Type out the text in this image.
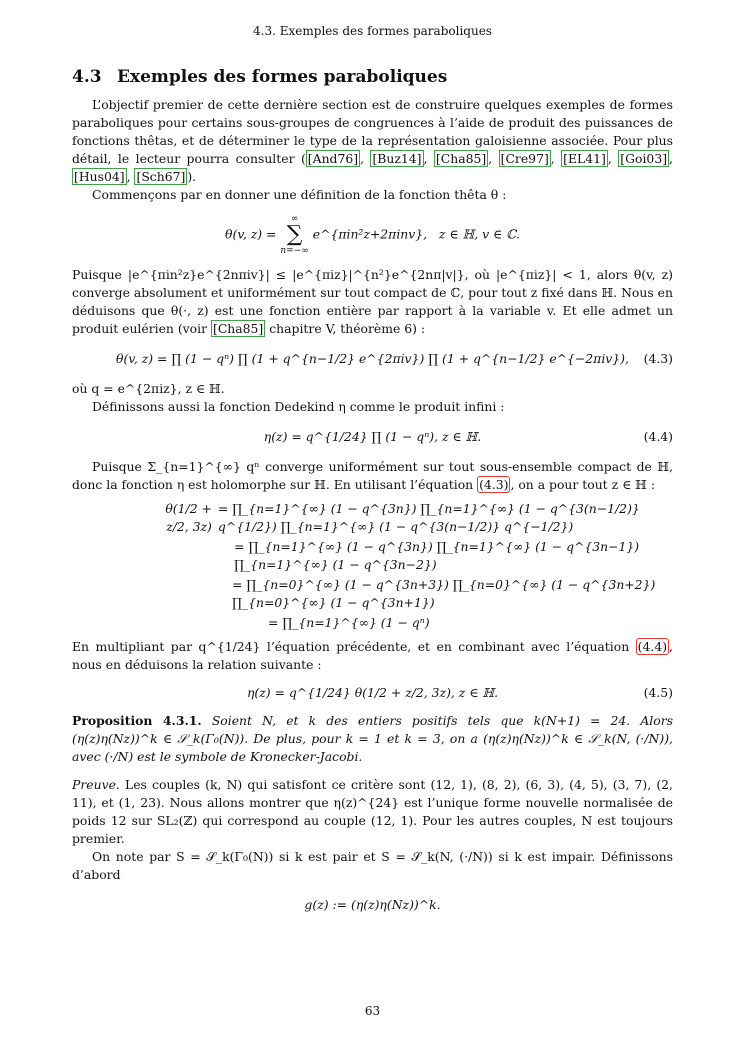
4.3. Exemples des formes paraboliques
4.3 Exemples des formes paraboliques

L’objectif premier de cette dernière section est de construire quelques exemples de formes paraboliques pour certains sous-groupes de congruences à l’aide de produit des puissances de fonctions thêtas, et de déterminer le type de la représentation galoisienne associée. Pour plus détail, le lecteur pourra consulter ( [And76] , [Buz14] , [Cha85] , [Cre97] , [EL41] , [Goi03] , [Hus04] , [Sch67] ).

Commençons par en donner une définition de la fonction thêta θ :

θ(v, z) =
∞
∑
n=−∞
e^{πin²z+2πinv}, z ∈ ℍ, v ∈ ℂ.

Puisque |e^{πin²z}e^{2nπiv}| ≤ |e^{πiz}|^{n²}e^{2nπ|v|}, où |e^{πiz}| < 1, alors θ(v, z) converge absolument et uniformément sur tout compact de ℂ, pour tout z fixé dans ℍ. Nous en déduisons que θ(·, z) est une fonction entière par rapport à la variable v. Et elle admet un produit eulérien (voir [Cha85] chapitre V, théorème 6) :

θ(v, z) = ∏ (1 − qⁿ) ∏ (1 + q^{n−1/2} e^{2πiv}) ∏ (1 + q^{n−1/2} e^{−2πiv}), (4.3)

où q = e^{2πiz}, z ∈ ℍ.

Définissons aussi la fonction Dedekind η comme le produit infini :

η(z) = q^{1/24} ∏ (1 − qⁿ), z ∈ ℍ.	(4.4)

Puisque Σ_{n=1}^{∞} qⁿ converge uniformément sur tout sous-ensemble compact de ℍ, donc la fonction η est holomorphe sur ℍ. En utilisant l’équation (4.3) , on a pour tout z ∈ ℍ :

θ(1/2 + z/2, 3z)
= ∏_{n=1}^{∞} (1 − q^{3n}) ∏_{n=1}^{∞} (1 − q^{3(n−1/2)} q^{1/2}) ∏_{n=1}^{∞} (1 − q^{3(n−1/2)} q^{−1/2})
= ∏_{n=1}^{∞} (1 − q^{3n}) ∏_{n=1}^{∞} (1 − q^{3n−1}) ∏_{n=1}^{∞} (1 − q^{3n−2})
= ∏_{n=0}^{∞} (1 − q^{3n+3}) ∏_{n=0}^{∞} (1 − q^{3n+2}) ∏_{n=0}^{∞} (1 − q^{3n+1})
= ∏_{n=1}^{∞} (1 − qⁿ)

En multipliant par q^{1/24} l’équation précédente, et en combinant avec l’équation (4.4) , nous en déduisons la relation suivante :

η(z) = q^{1/24} θ(1/2 + z/2, 3z), z ∈ ℍ.	(4.5)

Proposition 4.3.1. Soient N, et k des entiers positifs tels que k(N+1) = 24. Alors (η(z)η(Nz))^k ∈ 𝒮_k(Γ₀(N)). De plus, pour k = 1 et k = 3, on a (η(z)η(Nz))^k ∈ 𝒮_k(N, (·/N)), avec (·/N) est le symbole de Kronecker-Jacobi.

Preuve. Les couples (k, N) qui satisfont ce critère sont (12, 1), (8, 2), (6, 3), (4, 5), (3, 7), (2, 11), et (1, 23). Nous allons montrer que η(z)^{24} est l’unique forme nouvelle normalisée de poids 12 sur SL₂(ℤ) qui correspond au couple (12, 1). Pour les autres couples, N est toujours premier.

On note par S = 𝒮_k(Γ₀(N)) si k est pair et S = 𝒮_k(N, (·/N)) si k est impair. Définissons d’abord

g(z) := (η(z)η(Nz))^k.
63
